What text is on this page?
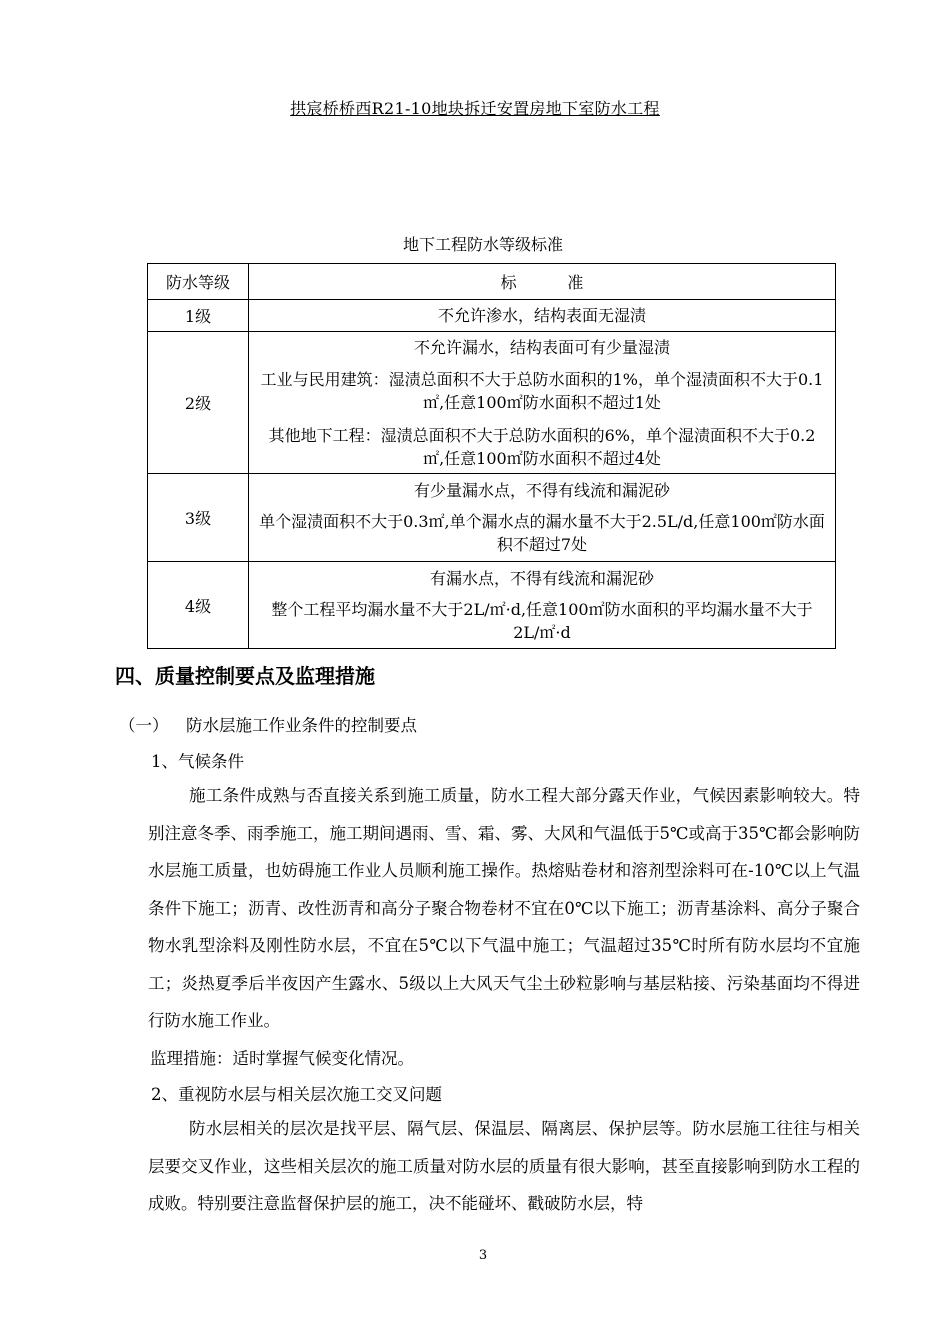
拱宸桥桥西R21-10地块拆迁安置房地下室防水工程
地下工程防水等级标准
防水等级	标          准
1级	不允许渗水，结构表面无湿渍

2级	不允许漏水，结构表面可有少量湿渍
工业与民用建筑：湿渍总面积不大于总防水面积的1%，单个湿渍面积不大于0.1㎡,任意100㎡防水面积不超过1处
其他地下工程：湿渍总面积不大于总防水面积的6%，单个湿渍面积不大于0.2㎡,任意100㎡防水面积不超过4处

3级	有少量漏水点，不得有线流和漏泥砂
单个湿渍面积不大于0.3㎡,单个漏水点的漏水量不大于2.5L/d,任意100㎡防水面积不超过7处

4级	有漏水点，不得有线流和漏泥砂
整个工程平均漏水量不大于2L/㎡·d,任意100㎡防水面积的平均漏水量不大于2L/㎡·d
四、质量控制要点及监理措施
（一） 防水层施工作业条件的控制要点
1、气候条件
施工条件成熟与否直接关系到施工质量，防水工程大部分露天作业，气候因素影响较大。特别注意冬季、雨季施工，施工期间遇雨、雪、霜、雾、大风和气温低于5℃或高于35℃都会影响防水层施工质量，也妨碍施工作业人员顺利施工操作。热熔贴卷材和溶剂型涂料可在-10℃以上气温条件下施工；沥青、改性沥青和高分子聚合物卷材不宜在0℃以下施工；沥青基涂料、高分子聚合物水乳型涂料及刚性防水层，不宜在5℃以下气温中施工；气温超过35℃时所有防水层均不宜施工；炎热夏季后半夜因产生露水、5级以上大风天气尘土砂粒影响与基层粘接、污染基面均不得进行防水施工作业。
监理措施：适时掌握气候变化情况。
2、重视防水层与相关层次施工交叉问题
防水层相关的层次是找平层、隔气层、保温层、隔离层、保护层等。防水层施工往往与相关层要交叉作业，这些相关层次的施工质量对防水层的质量有很大影响，甚至直接影响到防水工程的成败。特别要注意监督保护层的施工，决不能碰坏、戳破防水层，特
3
